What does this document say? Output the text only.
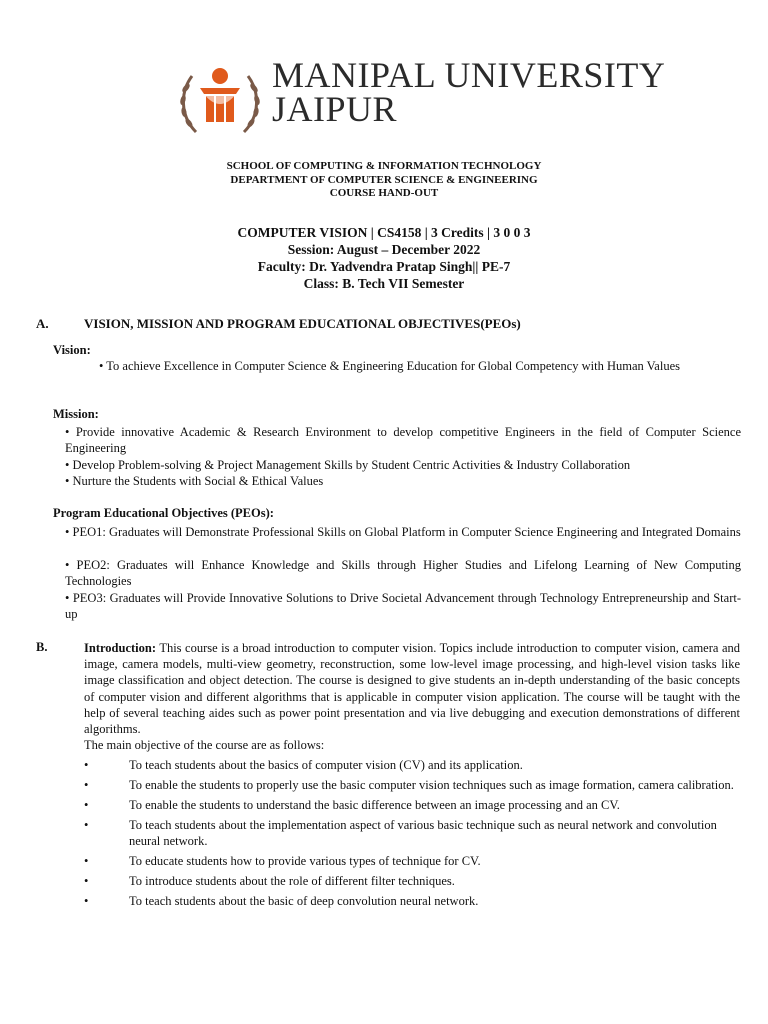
MANIPAL UNIVERSITY
JAIPUR
SCHOOL OF COMPUTING & INFORMATION TECHNOLOGY
DEPARTMENT OF COMPUTER SCIENCE & ENGINEERING
COURSE HAND-OUT
COMPUTER VISION | CS4158 | 3 Credits | 3 0 0 3
Session: August – December 2022
Faculty: Dr. Yadvendra Pratap Singh|| PE-7
Class: B. Tech VII Semester
A.	VISION, MISSION AND PROGRAM EDUCATIONAL OBJECTIVES(PEOs)
Vision:
• To achieve Excellence in Computer Science & Engineering Education for Global Competency with Human Values
Mission:
• Provide innovative Academic & Research Environment to develop competitive Engineers in the field of Computer Science Engineering
• Develop Problem-solving & Project Management Skills by Student Centric Activities & Industry Collaboration
• Nurture the Students with Social & Ethical Values
Program Educational Objectives (PEOs):
• PEO1: Graduates will Demonstrate Professional Skills on Global Platform in Computer Science Engineering and Integrated Domains
• PEO2: Graduates will Enhance Knowledge and Skills through Higher Studies and Lifelong Learning of New Computing Technologies
• PEO3: Graduates will Provide Innovative Solutions to Drive Societal Advancement through Technology Entrepreneurship and Start-up
B.	Introduction: This course is a broad introduction to computer vision. Topics include introduction to computer vision, camera and image, camera models, multi-view geometry, reconstruction, some low-level image processing, and high-level vision tasks like image classification and object detection. The course is designed to give students an in-depth understanding of the basic concepts of computer vision and different algorithms that is applicable in computer vision application. The course will be taught with the help of several teaching aides such as power point presentation and via live debugging and execution demonstrations of different algorithms.
The main objective of the course are as follows:
•	To teach students about the basics of computer vision (CV) and its application.
•	To enable the students to properly use the basic computer vision techniques such as image formation, camera calibration.
•	To enable the students to understand the basic difference between an image processing and an CV.
•	To teach students about the implementation aspect of various basic technique such as neural network and convolution neural network.
•	To educate students how to provide various types of technique for CV.
•	To introduce students about the role of different filter techniques.
•	To teach students about the basic of deep convolution neural network.
